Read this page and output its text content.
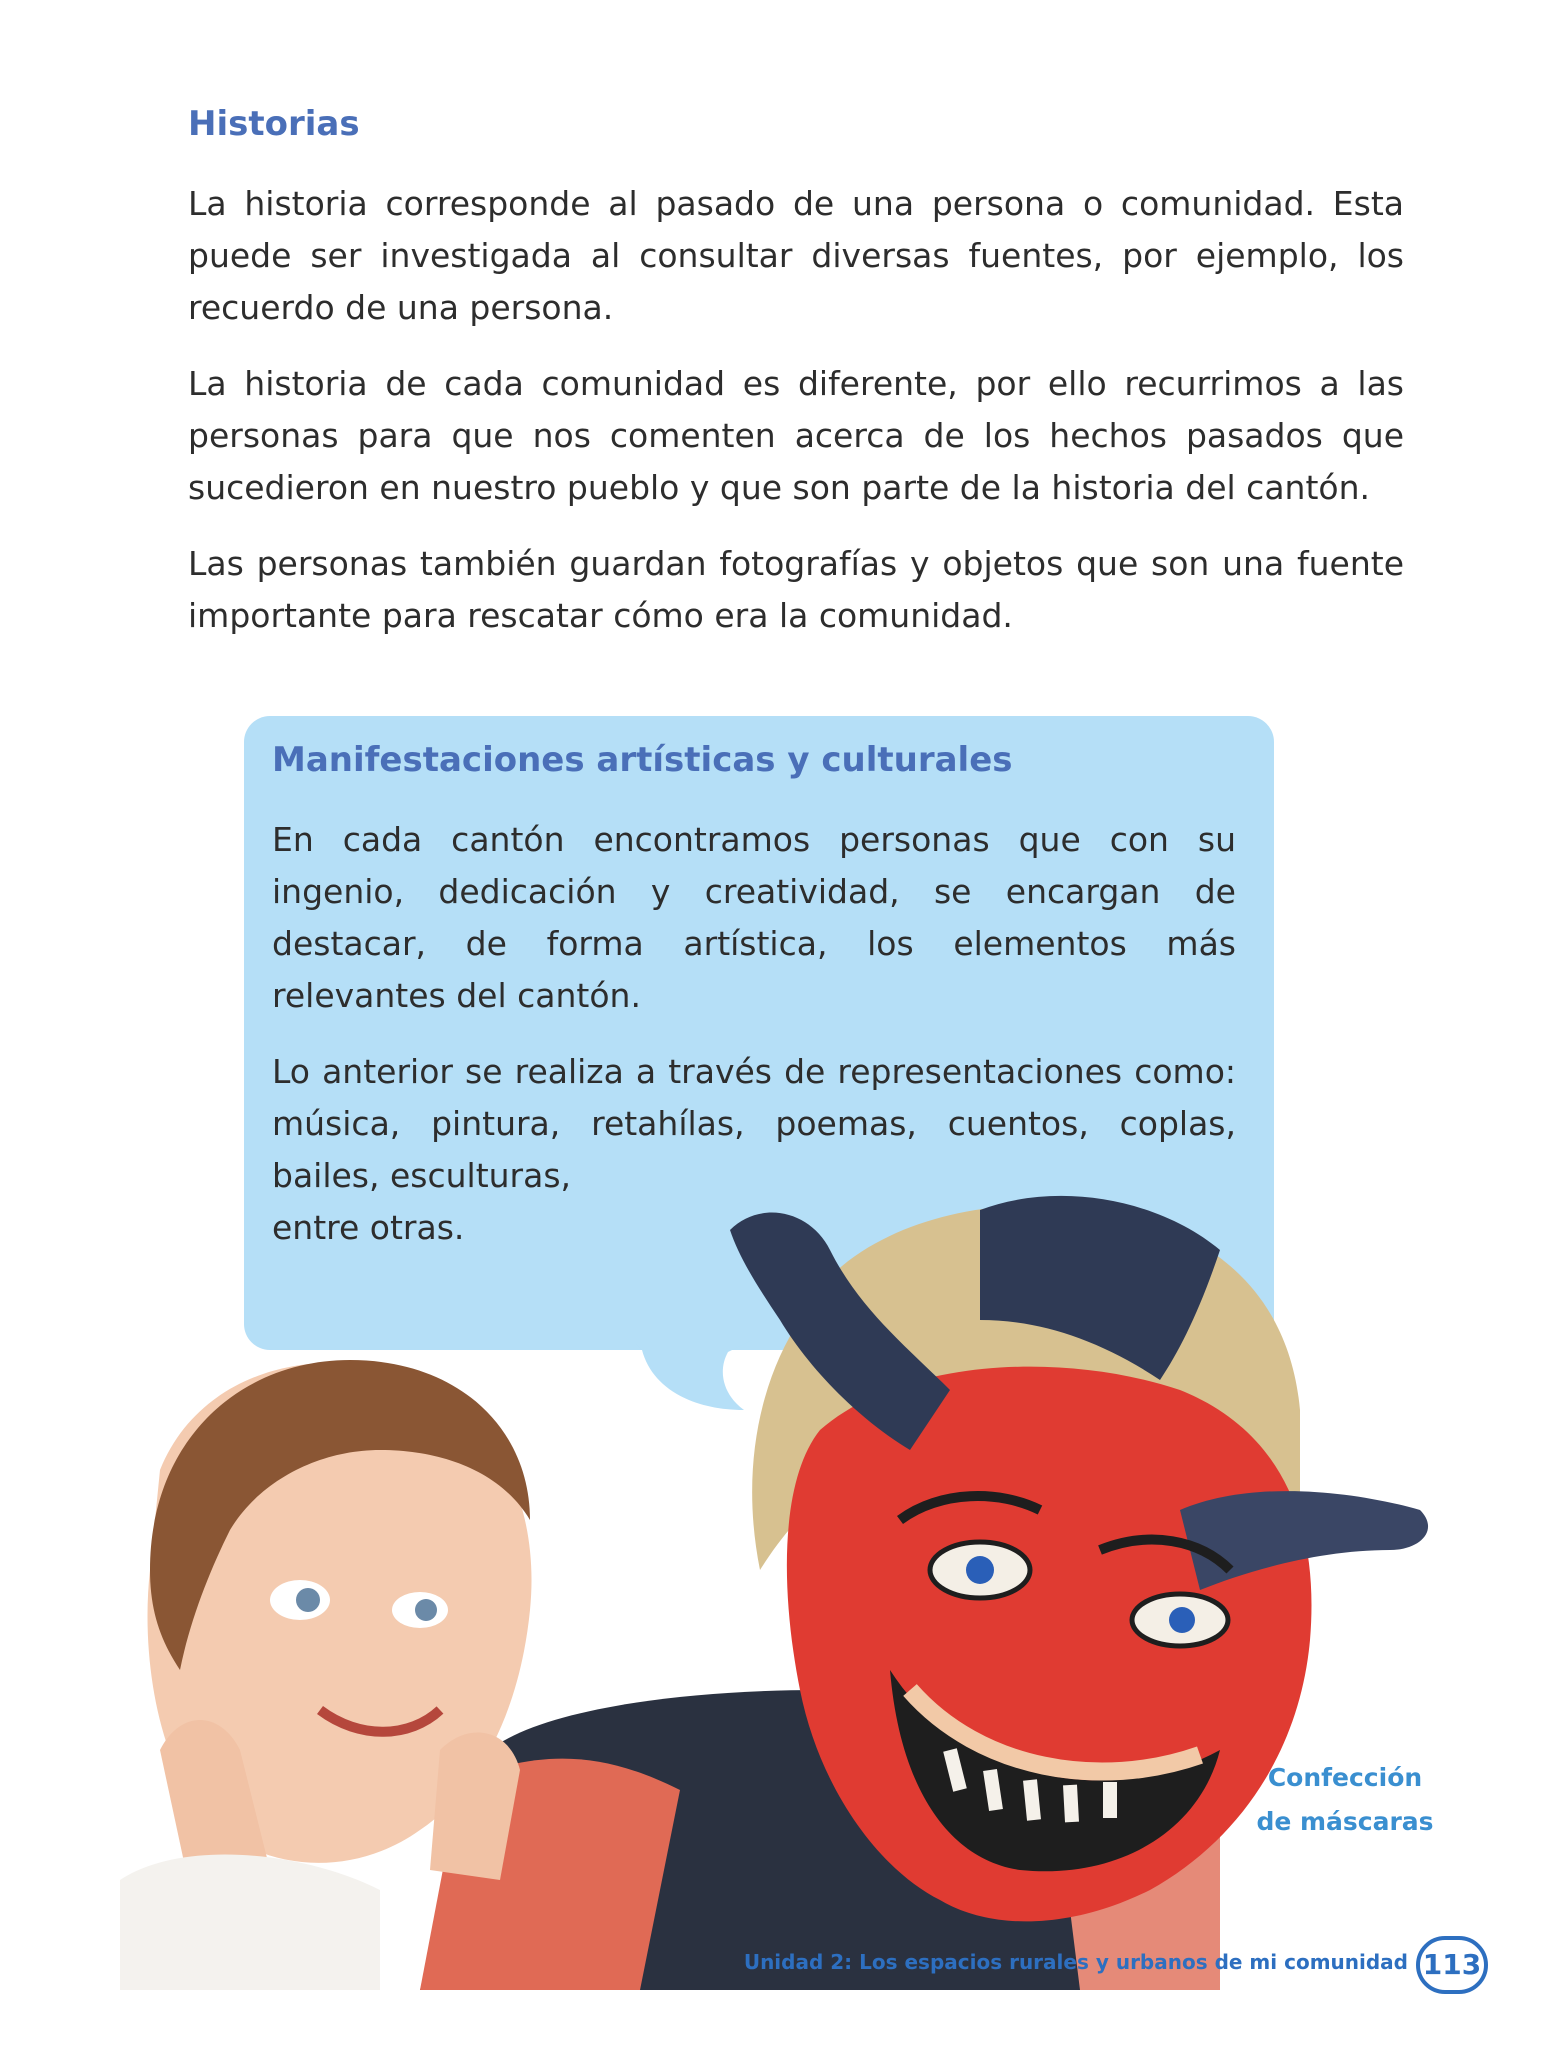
Historias

La historia corresponde al pasado de una persona o comunidad. Esta puede ser investigada al consultar diversas fuentes, por ejemplo, los recuerdo de una persona.

La historia de cada comunidad es diferente, por ello recurrimos a las personas para que nos comenten acerca de los hechos pasados que sucedieron en nuestro pueblo y que son parte de la historia del cantón.

Las personas también guardan fotografías y objetos que son una fuente importante para rescatar cómo era la comunidad.

Manifestaciones artísticas y culturales

En cada cantón encontramos personas que con su ingenio, dedicación y creatividad, se encargan de destacar, de forma artística, los elementos más relevantes del cantón.

Lo anterior se realiza a través de representaciones como: música, pintura, retahílas, poemas, cuentos, coplas, bailes, esculturas,
entre otras.
Confección
de máscaras
Unidad 2: Los espacios rurales y urbanos de mi comunidad 113
